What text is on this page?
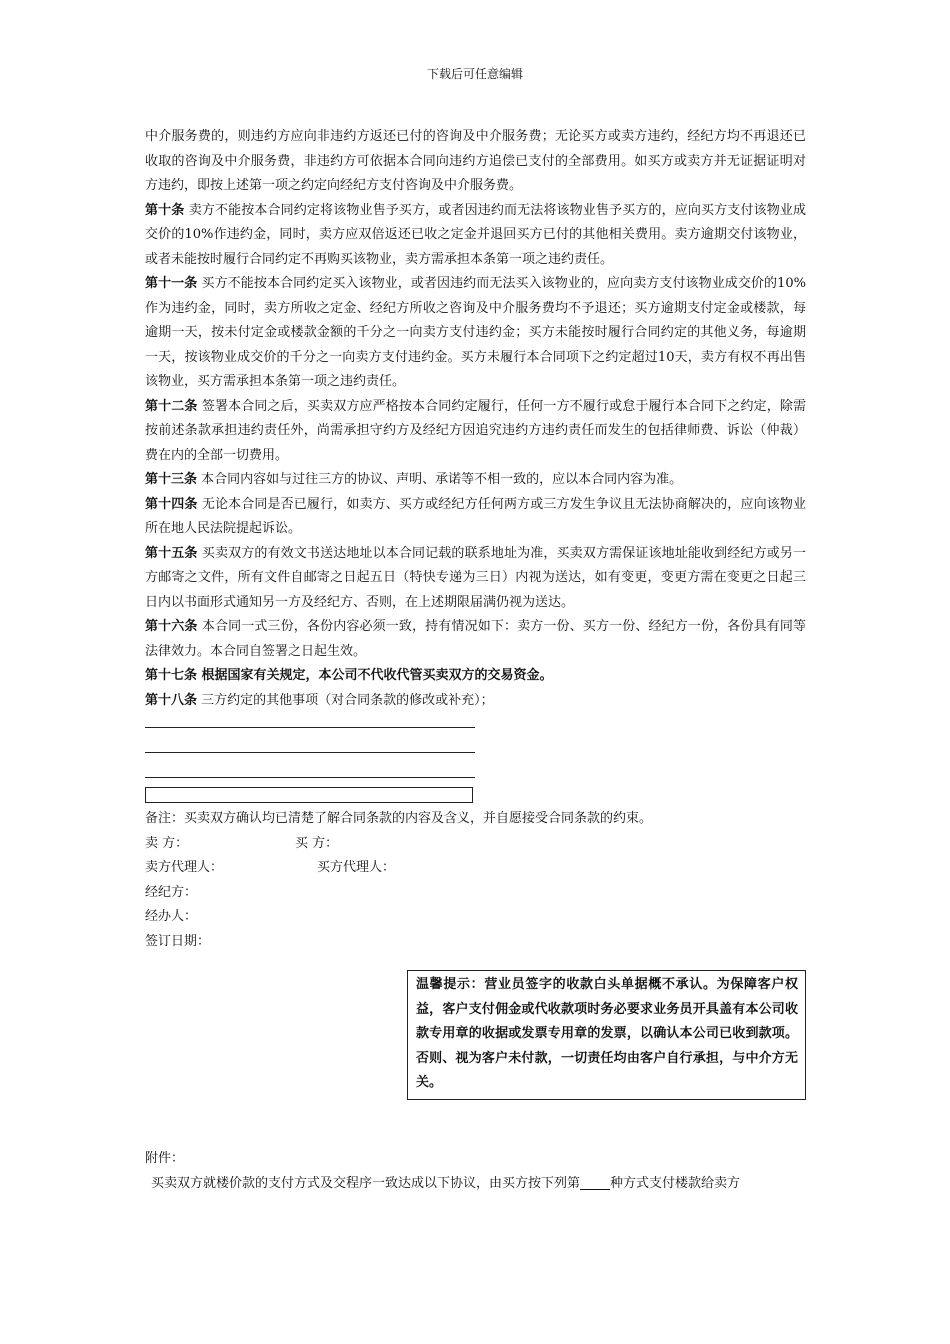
下载后可任意编辑

中介服务费的，则违约方应向非违约方返还已付的咨询及中介服务费；无论买方或卖方违约，经纪方均不再退还已收取的咨询及中介服务费，非违约方可依据本合同向违约方追偿已支付的全部费用。如买方或卖方并无证据证明对方违约，即按上述第一项之约定向经纪方支付咨询及中介服务费。

第十条 卖方不能按本合同约定将该物业售予买方，或者因违约而无法将该物业售予买方的，应向买方支付该物业成交价的10%作违约金，同时，卖方应双倍返还已收之定金并退回买方已付的其他相关费用。卖方逾期交付该物业，或者未能按时履行合同约定不再购买该物业，卖方需承担本条第一项之违约责任。

第十一条 买方不能按本合同约定买入该物业，或者因违约而无法买入该物业的，应向卖方支付该物业成交价的10%作为违约金，同时，卖方所收之定金、经纪方所收之咨询及中介服务费均不予退还；买方逾期支付定金或楼款，每逾期一天，按未付定金或楼款金额的千分之一向卖方支付违约金；买方未能按时履行合同约定的其他义务，每逾期一天，按该物业成交价的千分之一向卖方支付违约金。买方未履行本合同项下之约定超过10天，卖方有权不再出售该物业，买方需承担本条第一项之违约责任。

第十二条 签署本合同之后，买卖双方应严格按本合同约定履行，任何一方不履行或怠于履行本合同下之约定，除需按前述条款承担违约责任外，尚需承担守约方及经纪方因追究违约方违约责任而发生的包括律师费、诉讼（仲裁）费在内的全部一切费用。

第十三条 本合同内容如与过往三方的协议、声明、承诺等不相一致的，应以本合同内容为准。

第十四条 无论本合同是否已履行，如卖方、买方或经纪方任何两方或三方发生争议且无法协商解决的，应向该物业所在地人民法院提起诉讼。

第十五条 买卖双方的有效文书送达地址以本合同记载的联系地址为准，买卖双方需保证该地址能收到经纪方或另一方邮寄之文件，所有文件自邮寄之日起五日（特快专递为三日）内视为送达，如有变更，变更方需在变更之日起三日内以书面形式通知另一方及经纪方、否则，在上述期限届满仍视为送达。

第十六条 本合同一式三份，各份内容必须一致，持有情况如下：卖方一份、买方一份、经纪方一份，各份具有同等法律效力。本合同自签署之日起生效。

第十七条 根据国家有关规定，本公司不代收代管买卖双方的交易资金。

第十八条 三方约定的其他事项（对合同条款的修改或补充）；

备注：买卖双方确认均已清楚了解合同条款的内容及含义，并自愿接受合同条款的约束。

卖 方：	买 方：
卖方代理人：	买方代理人：
经纪方：
经办人：
签订日期：
温馨提示：营业员签字的收款白头单据概不承认。为保障客户权益，客户支付佣金或代收款项时务必要求业务员开具盖有本公司收款专用章的收据或发票专用章的发票，以确认本公司已收到款项。否则、视为客户未付款，一切责任均由客户自行承担，与中介方无关。
附件：
买卖双方就楼价款的支付方式及交程序一致达成以下协议，由买方按下列第 种方式支付楼款给卖方
